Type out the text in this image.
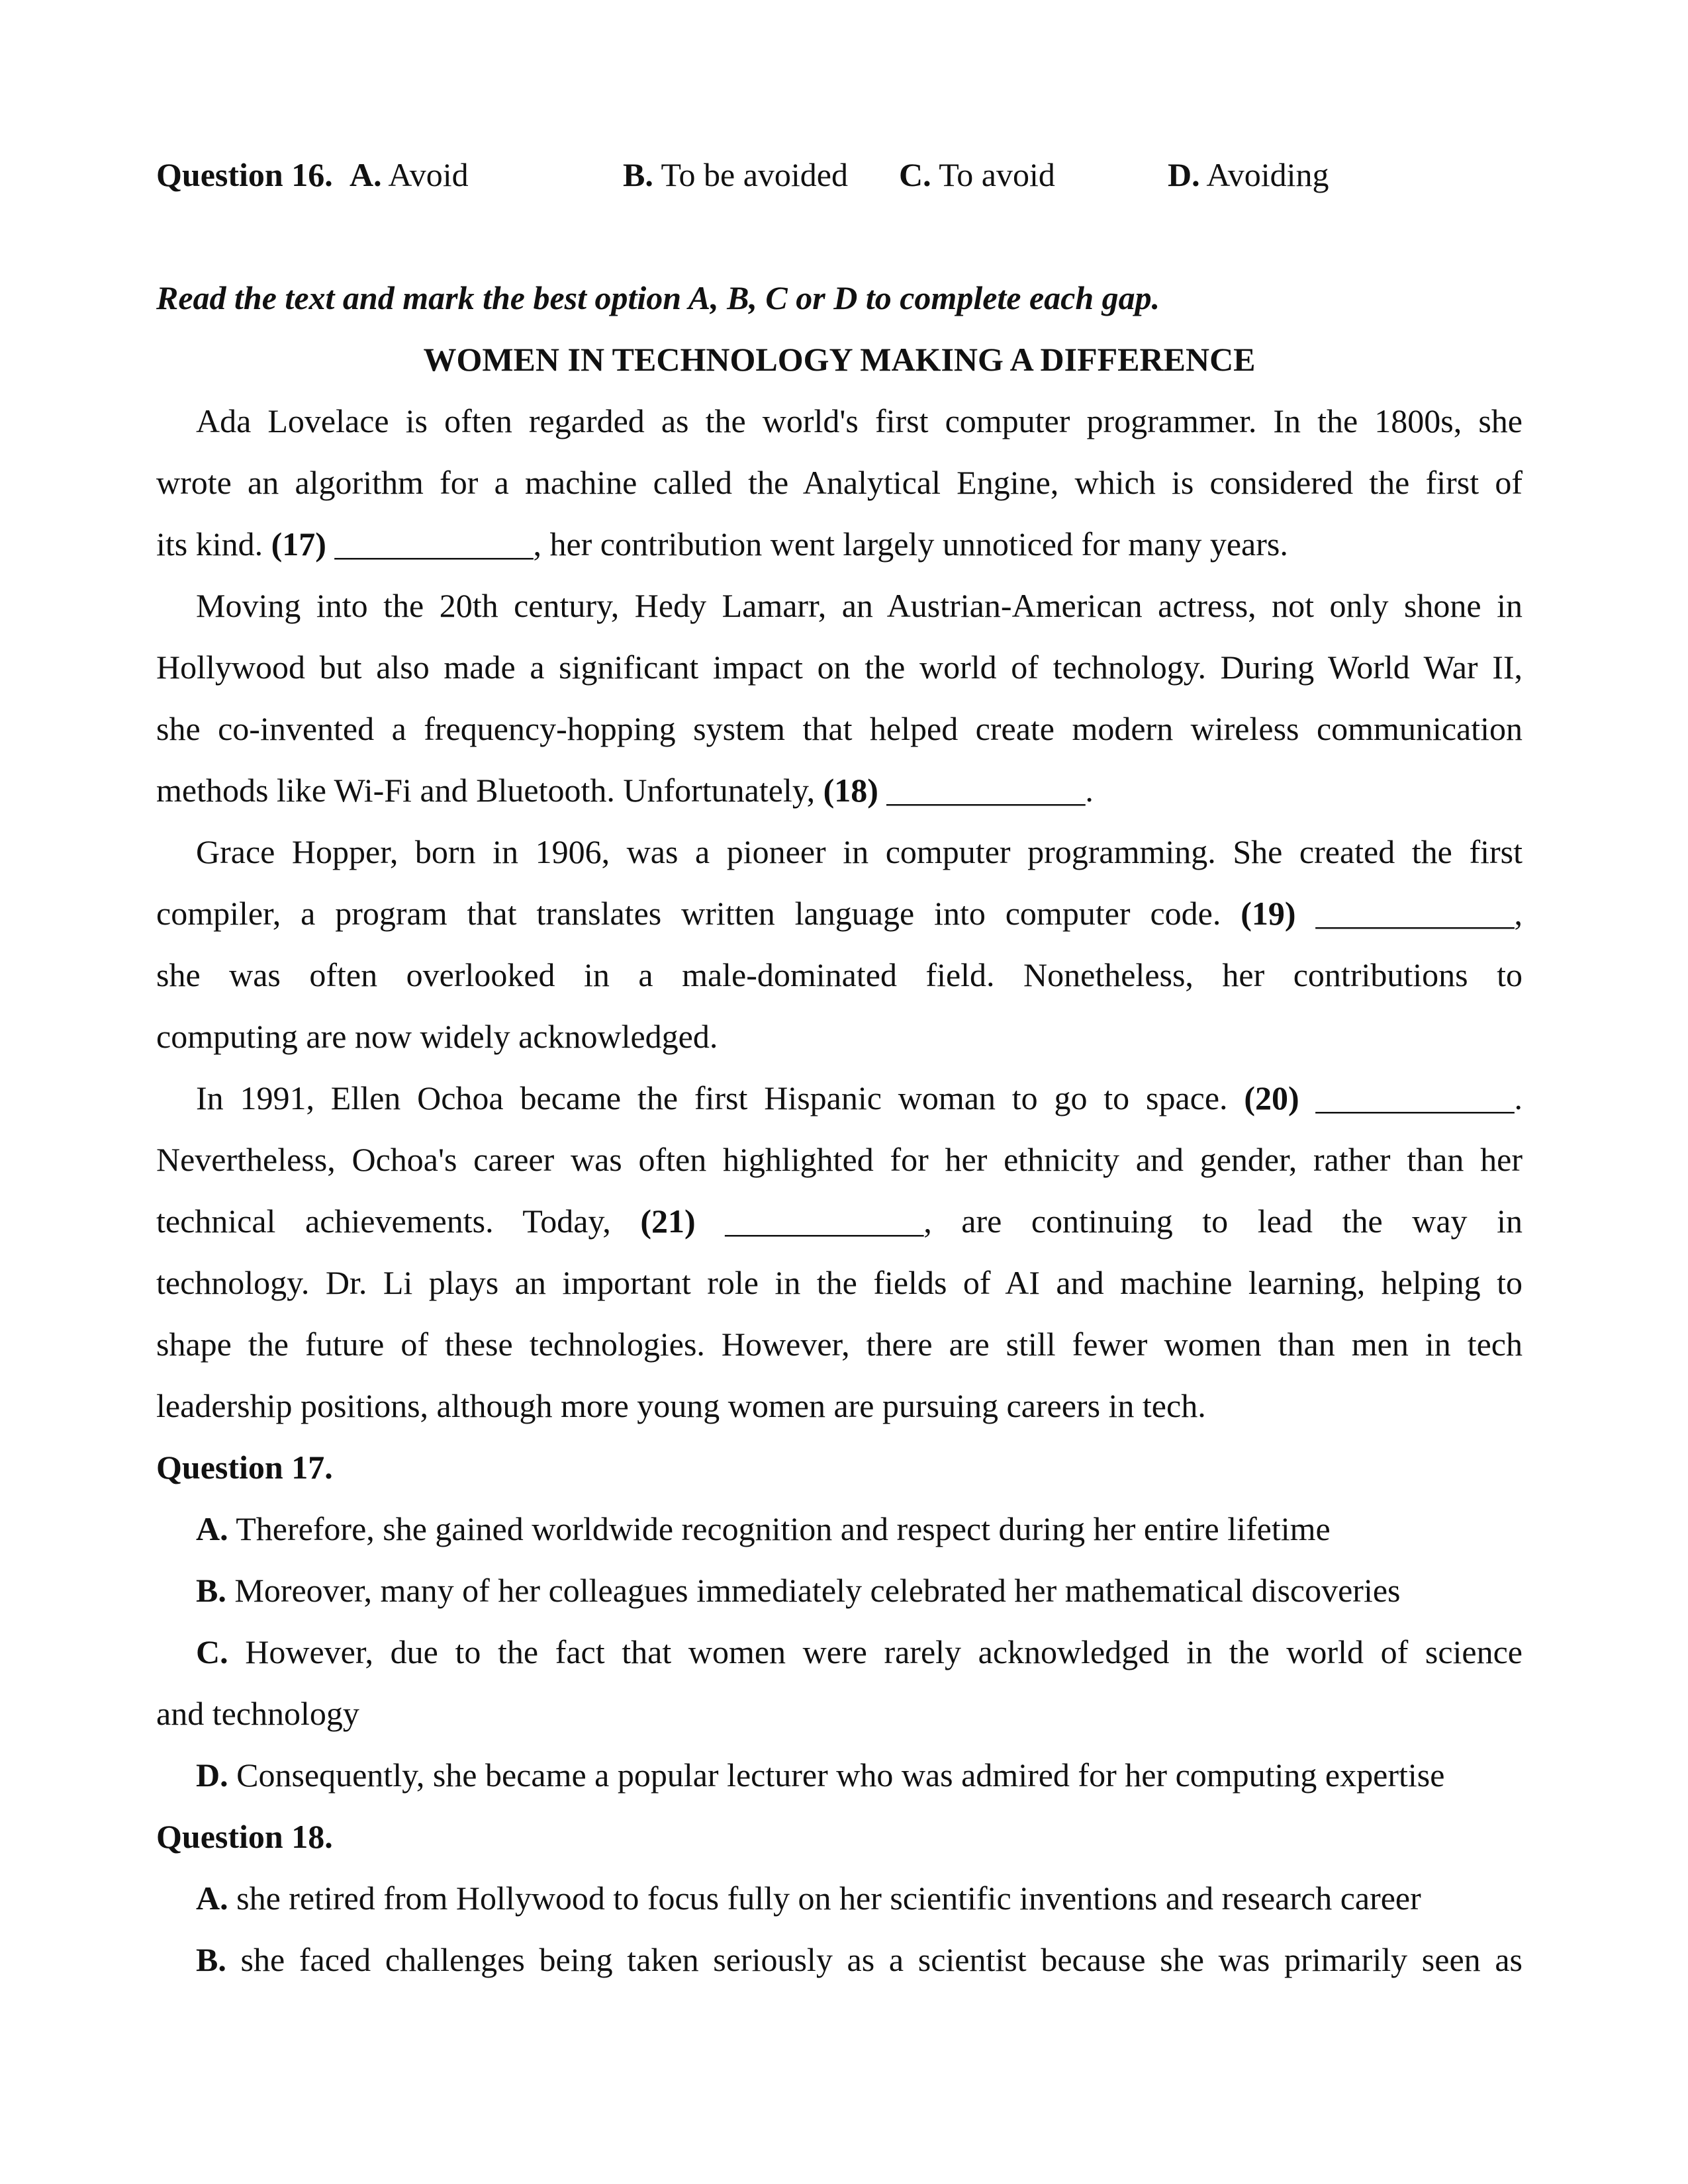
Question 16. A. Avoid	B. To be avoided C. To avoid	D. Avoiding

Read the text and mark the best option A, B, C or D to complete each gap.

WOMEN IN TECHNOLOGY MAKING A DIFFERENCE

Ada Lovelace is often regarded as the world's first computer programmer. In the 1800s, she

wrote an algorithm for a machine called the Analytical Engine, which is considered the first of

its kind. (17) ____________, her contribution went largely unnoticed for many years.

Moving into the 20th century, Hedy Lamarr, an Austrian-American actress, not only shone in

Hollywood but also made a significant impact on the world of technology. During World War II,

she co-invented a frequency-hopping system that helped create modern wireless communication

methods like Wi-Fi and Bluetooth. Unfortunately, (18) ____________.

Grace Hopper, born in 1906, was a pioneer in computer programming. She created the first

compiler, a program that translates written language into computer code. (19) ____________,

she was often overlooked in a male-dominated field. Nonetheless, her contributions to

computing are now widely acknowledged.

In 1991, Ellen Ochoa became the first Hispanic woman to go to space. (20) ____________.

Nevertheless, Ochoa's career was often highlighted for her ethnicity and gender, rather than her

technical achievements. Today, (21) ____________, are continuing to lead the way in

technology. Dr. Li plays an important role in the fields of AI and machine learning, helping to

shape the future of these technologies. However, there are still fewer women than men in tech

leadership positions, although more young women are pursuing careers in tech.

Question 17.

A. Therefore, she gained worldwide recognition and respect during her entire lifetime

B. Moreover, many of her colleagues immediately celebrated her mathematical discoveries

C. However, due to the fact that women were rarely acknowledged in the world of science

and technology

D. Consequently, she became a popular lecturer who was admired for her computing expertise

Question 18.

A. she retired from Hollywood to focus fully on her scientific inventions and research career

B. she faced challenges being taken seriously as a scientist because she was primarily seen as
